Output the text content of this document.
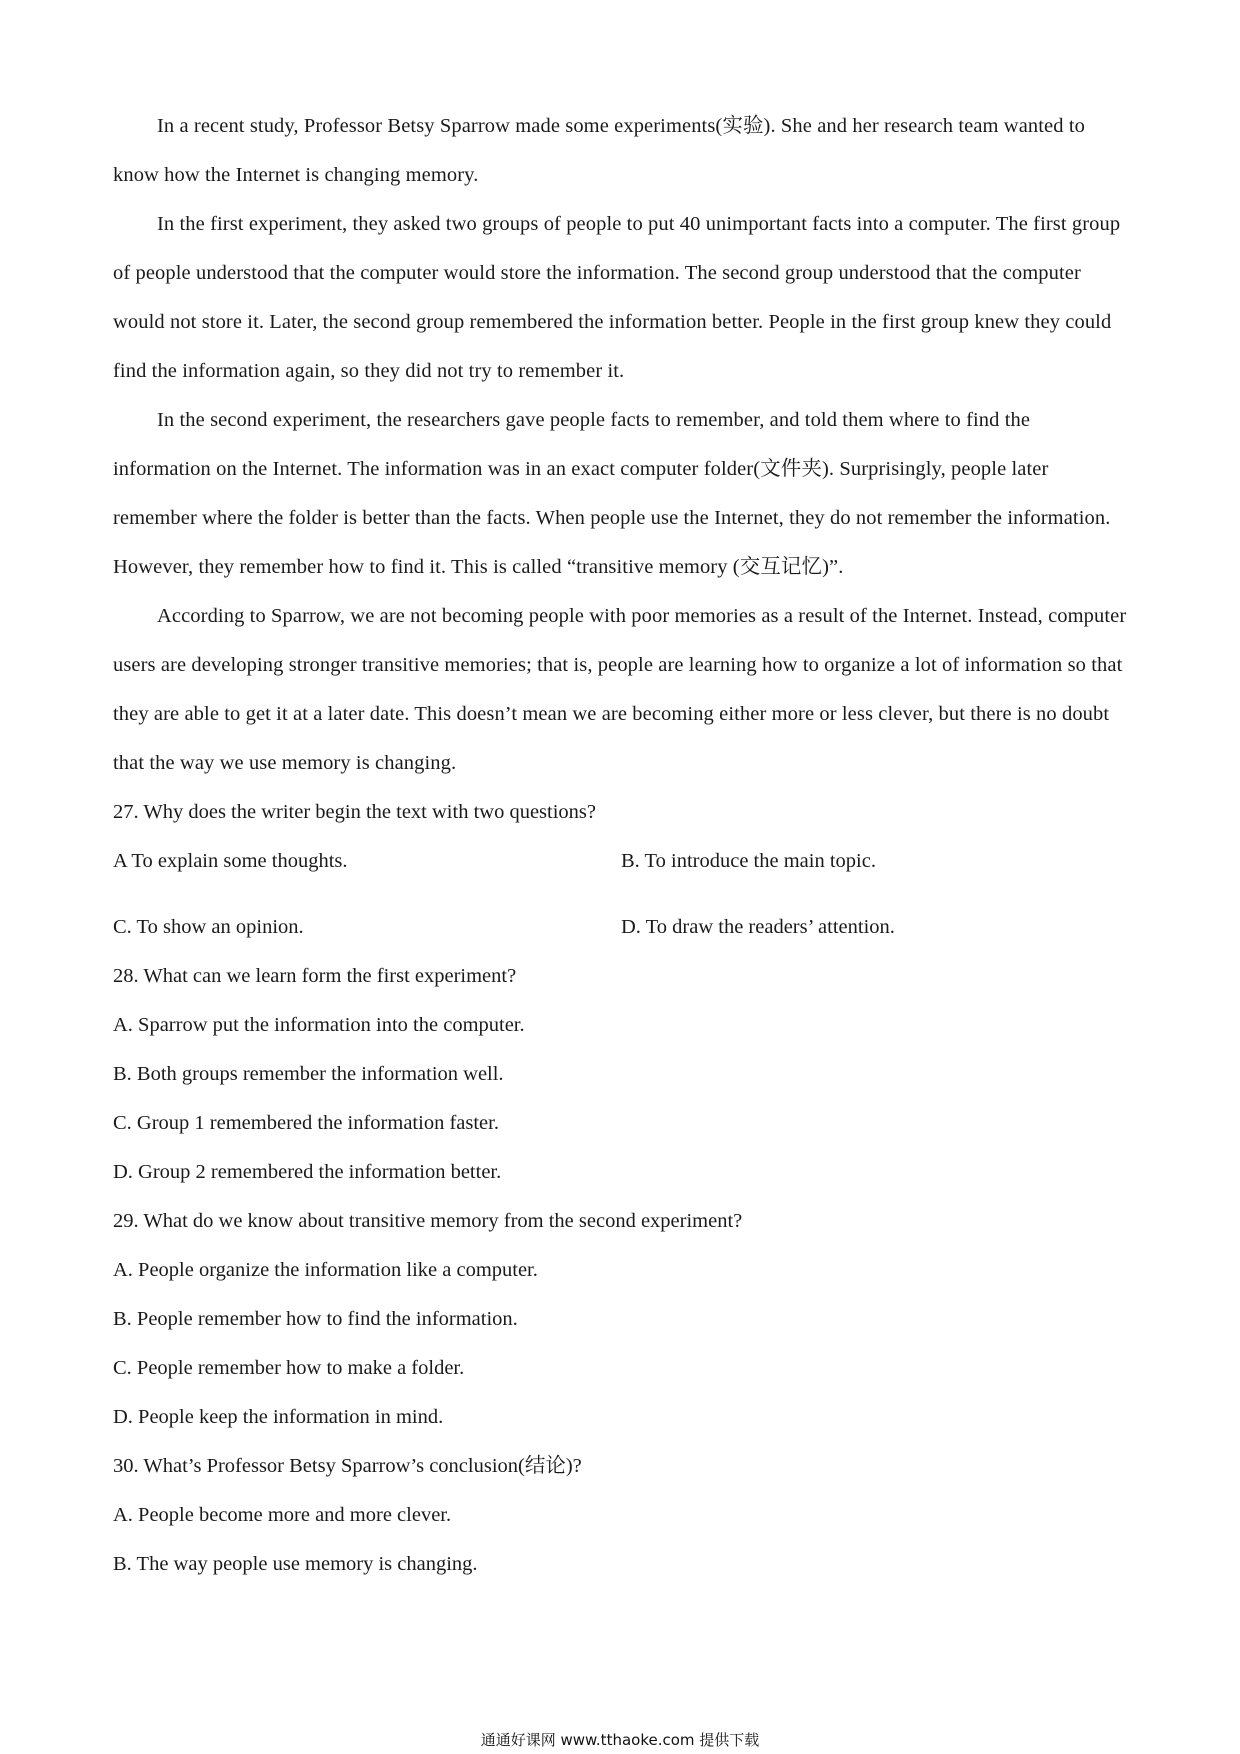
In a recent study, Professor Betsy Sparrow made some experiments(实验). She and her research team wanted to know how the Internet is changing memory.

In the first experiment, they asked two groups of people to put 40 unimportant facts into a computer. The first group of people understood that the computer would store the information. The second group understood that the computer would not store it. Later, the second group remembered the information better. People in the first group knew they could find the information again, so they did not try to remember it.

In the second experiment, the researchers gave people facts to remember, and told them where to find the information on the Internet. The information was in an exact computer folder(文件夹). Surprisingly, people later remember where the folder is better than the facts. When people use the Internet, they do not remember the information. However, they remember how to find it. This is called “transitive memory (交互记忆)”.

According to Sparrow, we are not becoming people with poor memories as a result of the Internet. Instead, computer users are developing stronger transitive memories; that is, people are learning how to organize a lot of information so that they are able to get it at a later date. This doesn’t mean we are becoming either more or less clever, but there is no doubt that the way we use memory is changing.

27. Why does the writer begin the text with two questions?

A To explain some thoughts.	B. To introduce the main topic.
C. To show an opinion.	D. To draw the readers’ attention.

28. What can we learn form the first experiment?

A. Sparrow put the information into the computer.

B. Both groups remember the information well.

C. Group 1 remembered the information faster.

D. Group 2 remembered the information better.

29. What do we know about transitive memory from the second experiment?

A. People organize the information like a computer.

B. People remember how to find the information.

C. People remember how to make a folder.

D. People keep the information in mind.

30. What’s Professor Betsy Sparrow’s conclusion(结论)?

A. People become more and more clever.

B. The way people use memory is changing.

通通好课网 www.tthaoke.com 提供下载
